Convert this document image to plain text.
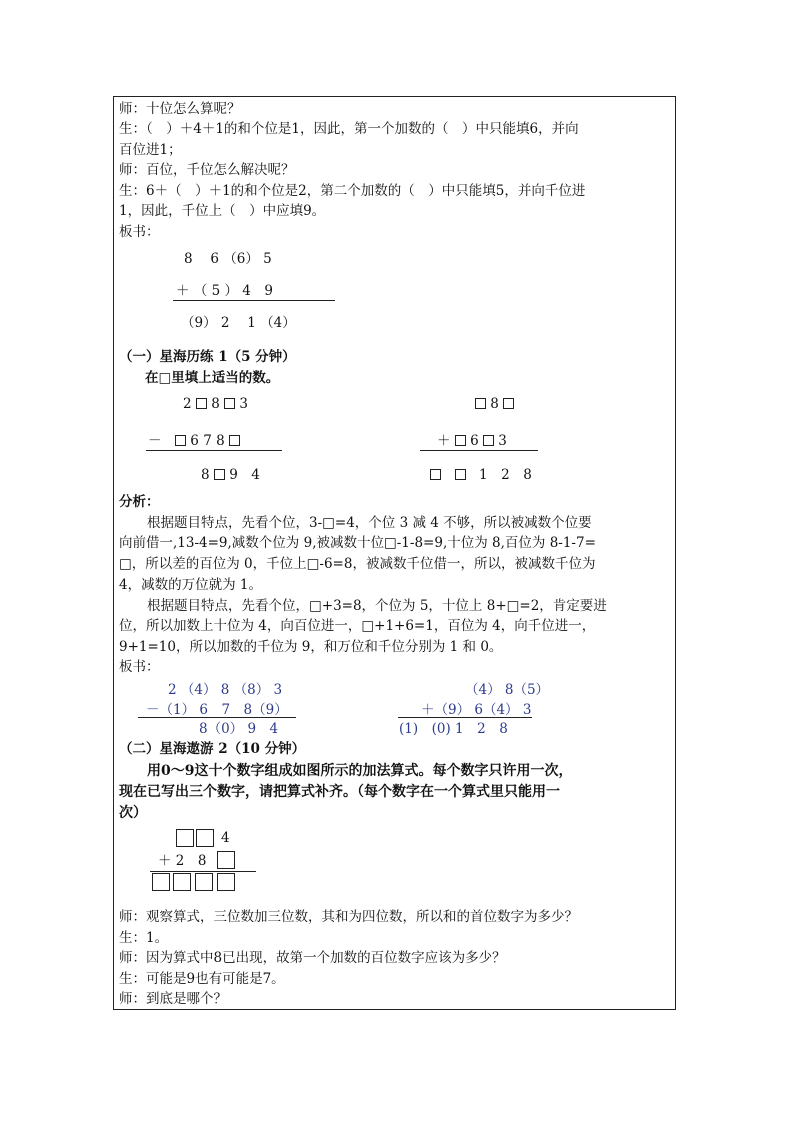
师：十位怎么算呢？
生：（　）＋4＋1的和个位是1，因此，第一个加数的（　）中只能填6，并向
百位进1；
师：百位，千位怎么解决呢？
生：6＋（　）＋1的和个位是2，第二个加数的（　）中只能填5，并向千位进
1，因此，千位上（　）中应填9。
板书：
8　 6 （6） 5
＋ （ 5 ） 4　9
（9） 2　 1 （4）
（一）星海历练 1（5 分钟）
在□里填上适当的数。
2 8 3
－　 6 7 8
8 9　 4
8
＋ 6 3
　　1　 2　 8
分析：
根据题目特点，先看个位，3-□=4，个位 3 减 4 不够，所以被减数个位要
向前借一,13-4=9,减数个位为 9,被减数十位□-1-8=9,十位为 8,百位为 8-1-7=
□，所以差的百位为 0，千位上□-6=8，被减数千位借一，所以，被减数千位为
4，减数的万位就为 1。
根据题目特点，先看个位，□+3=8，个位为 5，十位上 8+□=2，肯定要进
位，所以加数上十位为 4，向百位进一，□+1+6=1，百位为 4，向千位进一，
9+1=10，所以加数的千位为 9，和万位和千位分别为 1 和 0。
板书：
2 （4） 8 （8） 3
－（1） 6　7　8（9）
8（0） 9　4
（4） 8（5）
＋（9） 6（4） 3
(1)　(0) 1　2　8
（二）星海遨游 2（10 分钟）
用0～9这十个数字组成如图所示的加法算式。每个数字只许用一次，
现在已写出三个数字，请把算式补齐。（每个数字在一个算式里只能用一
次）
4
＋ 2　 8
师：观察算式，三位数加三位数，其和为四位数，所以和的首位数字为多少？
生：1。
师：因为算式中8已出现，故第一个加数的百位数字应该为多少？
生：可能是9也有可能是7。
师：到底是哪个？
